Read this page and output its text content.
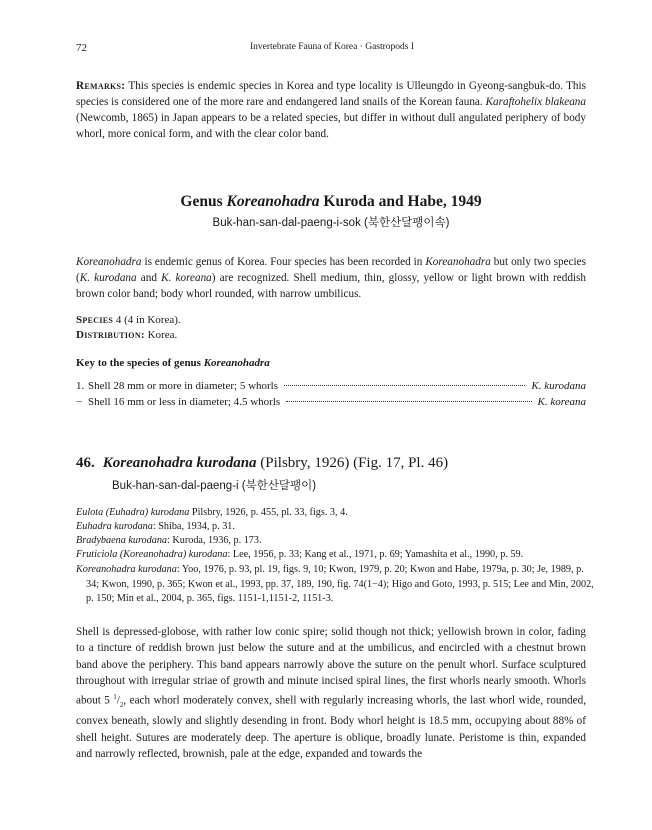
72	Invertebrate Fauna of Korea · Gastropods I

Remarks: This species is endemic species in Korea and type locality is Ulleungdo in Gyeong-sangbuk-do. This species is considered one of the more rare and endangered land snails of the Korean fauna. Karaftohelix blakeana (Newcomb, 1865) in Japan appears to be a related species, but differ in without dull angulated periphery of body whorl, more conical form, and with the clear color band.

Genus Koreanohadra Kuroda and Habe, 1949
Buk-han-san-dal-paeng-i-sok (북한산달팽이속)

Koreanohadra is endemic genus of Korea. Four species has been recorded in Koreanohadra but only two species (K. kurodana and K. koreana) are recognized. Shell medium, thin, glossy, yellow or light brown with reddish brown color band; body whorl rounded, with narrow umbilicus.

Species 4 (4 in Korea).
Distribution: Korea.
Key to the species of genus Koreanohadra
1. Shell 28 mm or more in diameter; 5 whorls	K. kurodana
− Shell 16 mm or less in diameter; 4.5 whorls	K. koreana
46. Koreanohadra kurodana (Pilsbry, 1926) (Fig. 17, Pl. 46)
Buk-han-san-dal-paeng-i (북한산달팽이)

Eulota (Euhadra) kurodana Pilsbry, 1926, p. 455, pl. 33, figs. 3, 4.

Euhadra kurodana: Shiba, 1934, p. 31.

Bradybaena kurodana: Kuroda, 1936, p. 173.

Fruticiola (Koreanohadra) kurodana: Lee, 1956, p. 33; Kang et al., 1971, p. 69; Yamashita et al., 1990, p. 59.

Koreanohadra kurodana: Yoo, 1976, p. 93, pl. 19, figs. 9, 10; Kwon, 1979, p. 20; Kwon and Habe, 1979a, p. 30; Je, 1989, p. 34; Kwon, 1990, p. 365; Kwon et al., 1993, pp. 37, 189, 190, fig. 74(1−4); Higo and Goto, 1993, p. 515; Lee and Min, 2002, p. 150; Min et al., 2004, p. 365, figs. 1151-1,1151-2, 1151-3.

Shell is depressed-globose, with rather low conic spire; solid though not thick; yellowish brown in color, fading to a tincture of reddish brown just below the suture and at the umbilicus, and encircled with a chestnut brown band above the periphery. This band appears narrowly above the suture on the penult whorl. Surface sculptured throughout with irregular striae of growth and minute incised spiral lines, the first whorls nearly smooth. Whorls about 5 $^1/_2$, each whorl moderately convex, shell with regularly increasing whorls, the last whorl wide, rounded, convex beneath, slowly and slightly desending in front. Body whorl height is 18.5 mm, occupying about 88% of shell height. Sutures are moderately deep. The aperture is oblique, broadly lunate. Peristome is thin, expanded and narrowly reflected, brownish, pale at the edge, expanded and towards the
